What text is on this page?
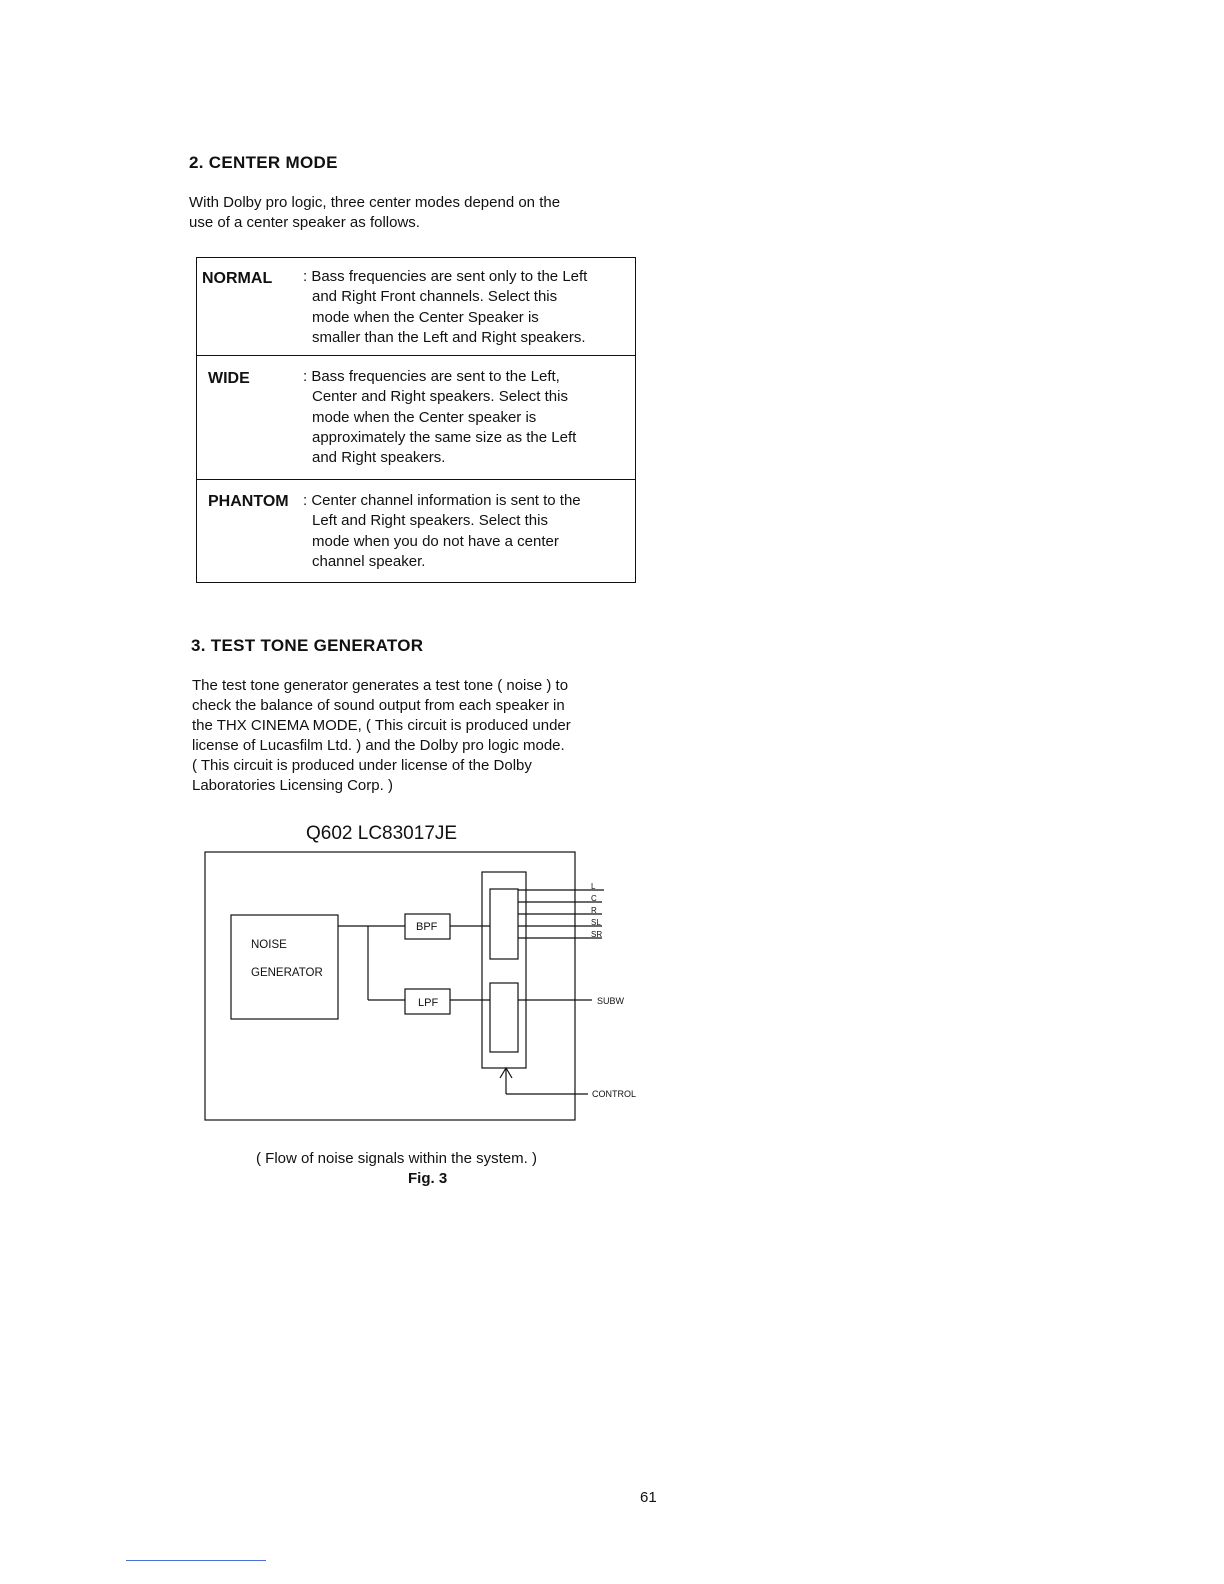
2. CENTER MODE

With Dolby pro logic, three center modes depend on the

use of a center speaker as follows.

NORMAL : Bass frequencies are sent only to the Left

and Right Front channels. Select this

mode when the Center Speaker is

smaller than the Left and Right speakers.

WIDE	: Bass frequencies are sent to the Left,

Center and Right speakers. Select this

mode when the Center speaker is

approximately the same size as the Left

and Right speakers.

PHANTOM : Center channel information is sent to the

Left and Right speakers. Select this

mode when you do not have a center

channel speaker.

3. TEST TONE GENERATOR

The test tone generator generates a test tone ( noise ) to

check the balance of sound output from each speaker in

the THX CINEMA MODE, ( This circuit is produced under

license of Lucasfilm Ltd. ) and the Dolby pro logic mode.

( This circuit is produced under license of the Dolby

Laboratories Licensing Corp. )

Q602 LC83017JE
NOISE
GENERATOR
BPF
LPF
L
C
R
SL
SR
SUBW
CONTROL
( Flow of noise signals within the system. )
Fig. 3
61
